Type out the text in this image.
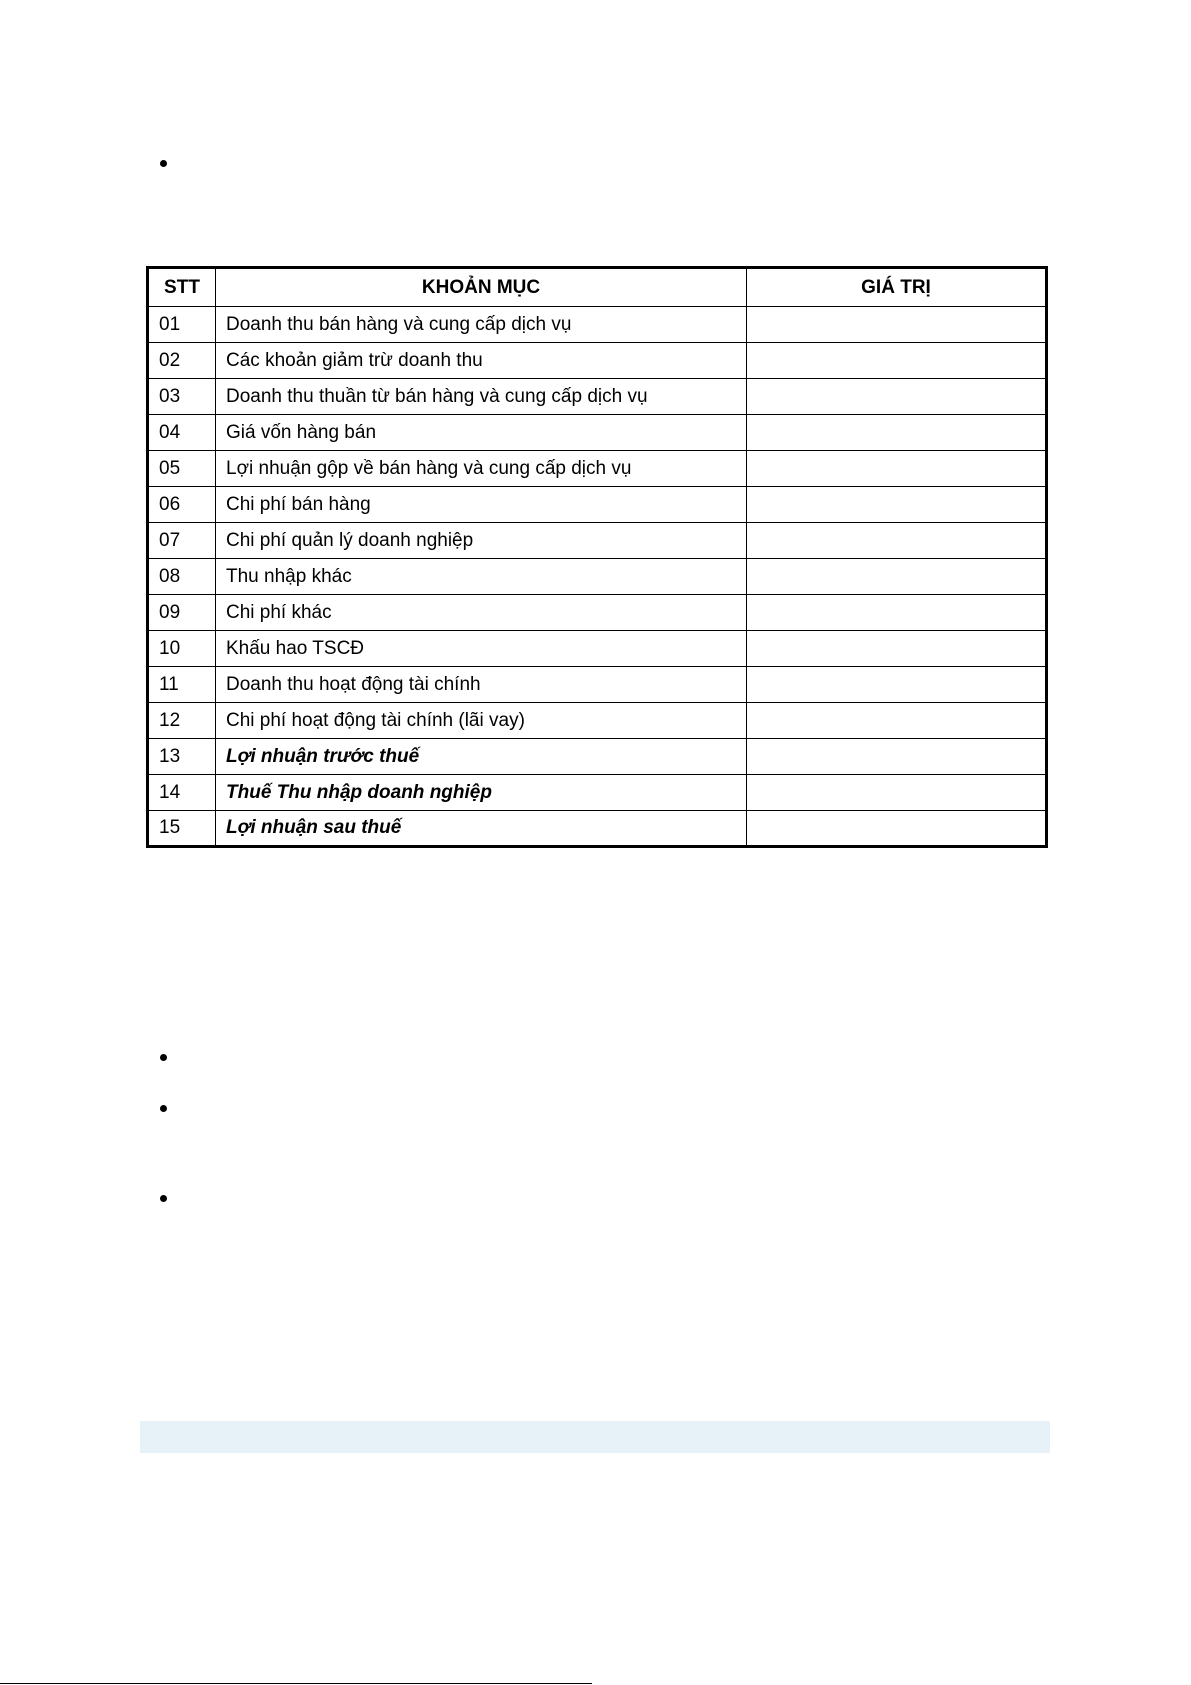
STT	KHOẢN MỤC	GIÁ TRỊ
01	Doanh thu bán hàng và cung cấp dịch vụ	
02	Các khoản giảm trừ doanh thu	
03	Doanh thu thuần từ bán hàng và cung cấp dịch vụ	
04	Giá vốn hàng bán	
05	Lợi nhuận gộp về bán hàng và cung cấp dịch vụ	
06	Chi phí bán hàng	
07	Chi phí quản lý doanh nghiệp	
08	Thu nhập khác	
09	Chi phí khác	
10	Khấu hao TSCĐ	
11	Doanh thu hoạt động tài chính	
12	Chi phí hoạt động tài chính (lãi vay)	
13	Lợi nhuận trước thuế	
14	Thuế Thu nhập doanh nghiệp	
15	Lợi nhuận sau thuế	
